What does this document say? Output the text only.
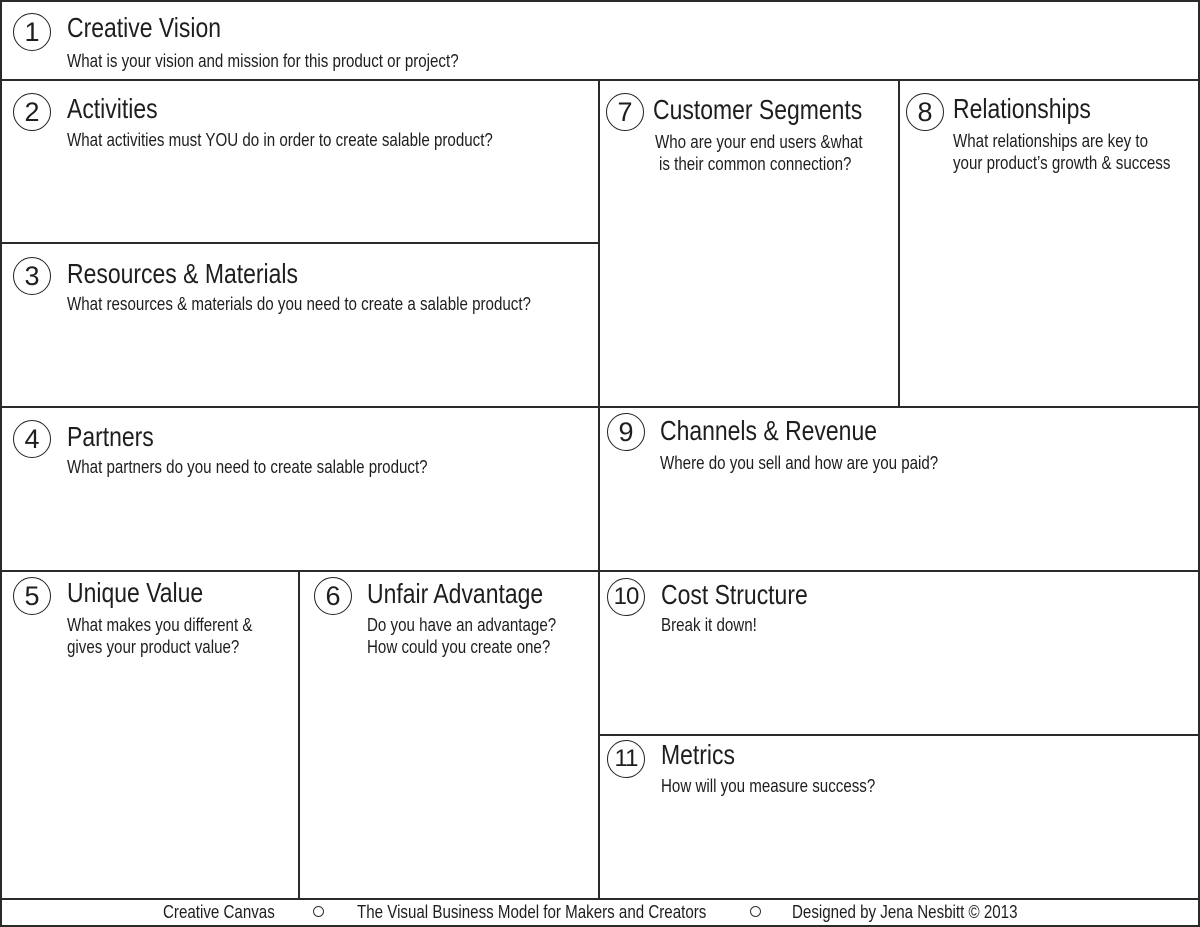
1 Creative Vision
What is your vision and mission for this product or project?
2 Activities
What activities must YOU do in order to create salable product?
3 Resources & Materials
What resources & materials do you need to create a salable product?
4 Partners
What partners do you need to create salable product?
5 Unique Value
What makes you different &
gives your product value?
6 Unfair Advantage
Do you have an advantage?
How could you create one?
7 Customer Segments
Who are your end users &what
is their common connection?
8 Relationships
What relationships are key to
your product’s growth & success
9 Channels & Revenue
Where do you sell and how are you paid?
10 Cost Structure
Break it down!
11 Metrics
How will you measure success?
Creative Canvas	The Visual Business Model for Makers and Creators	Designed by Jena Nesbitt © 2013
